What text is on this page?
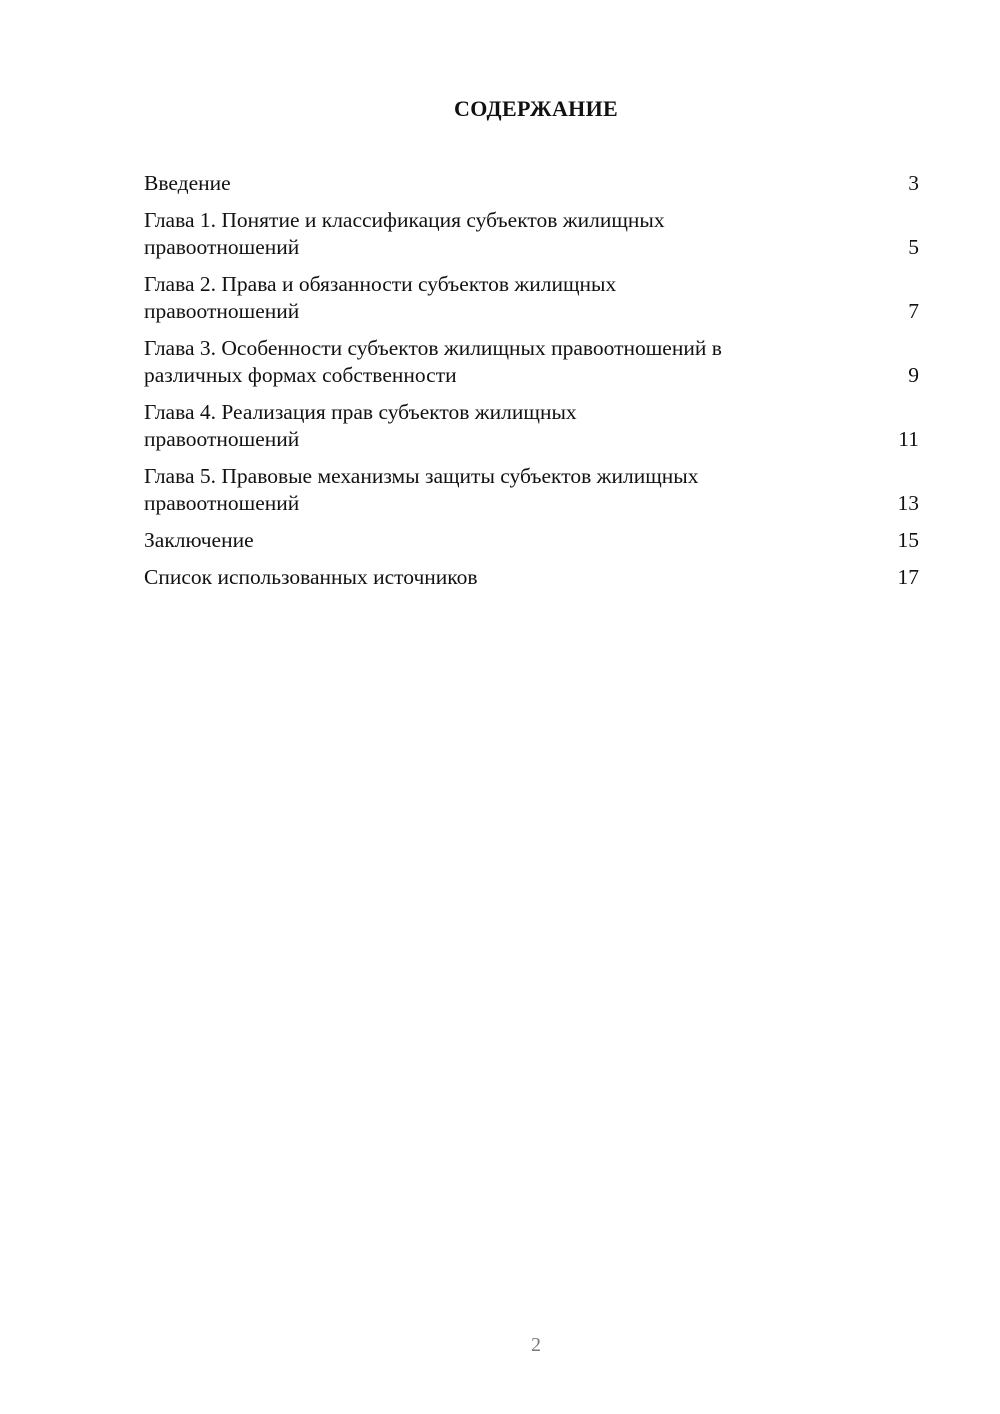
СОДЕРЖАНИЕ
Введение	3
Глава 1. Понятие и классификация субъектов жилищных
правоотношений	5
Глава 2. Права и обязанности субъектов жилищных
правоотношений	7
Глава 3. Особенности субъектов жилищных правоотношений в
различных формах собственности	9
Глава 4. Реализация прав субъектов жилищных
правоотношений	11
Глава 5. Правовые механизмы защиты субъектов жилищных
правоотношений	13
Заключение	15
Список использованных источников	17
2
